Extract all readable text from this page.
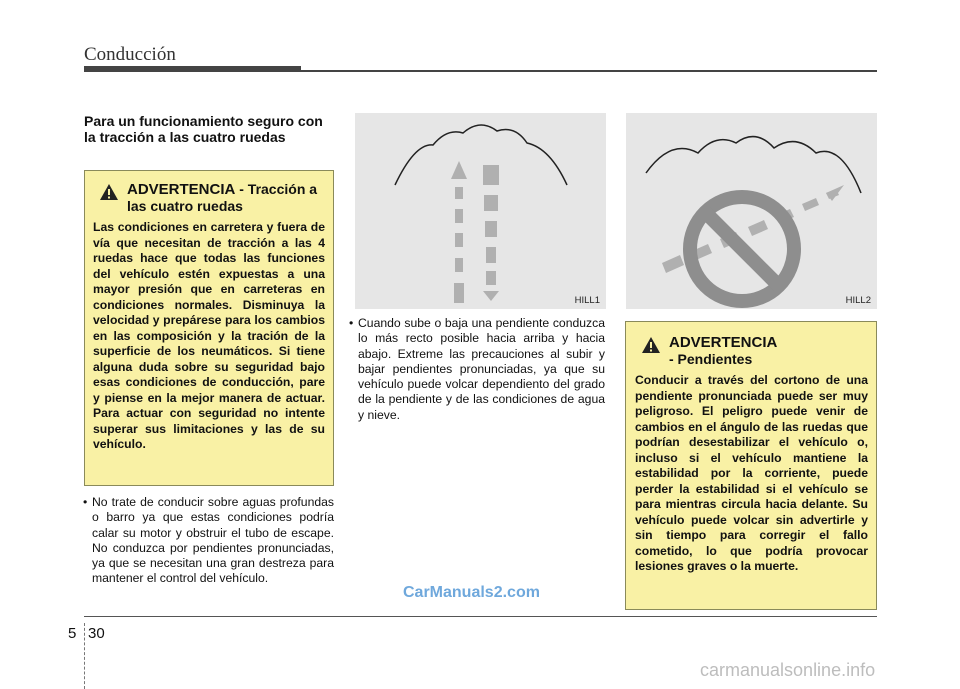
Conducción
Para un funcionamiento seguro con la tracción a las cuatro ruedas
ADVERTENCIA - Tracción a las cuatro ruedas
Las condiciones en carretera y fuera de vía que necesitan de tracción a las 4 ruedas hace que todas las funciones del vehículo estén expuestas a una mayor presión que en carreteras en condiciones normales. Disminuya la velocidad y prepárese para los cambios en las composición y la tración de la superficie de los neumáticos. Si tiene alguna duda sobre su seguridad bajo esas condiciones de conducción, pare y piense en la mejor manera de actuar. Para actuar con seguridad no intente superar sus limitaciones y las de su vehículo.
• No trate de conducir sobre aguas profundas o barro ya que estas condiciones podría calar su motor y obstruir el tubo de escape. No conduzca por pendientes pronunciadas, ya que se necesitan una gran destreza para mantener el control del vehículo.
HILL1	HILL2
• Cuando sube o baja una pendiente conduzca lo más recto posible hacia arriba y hacia abajo. Extreme las precauciones al subir y bajar pendientes pronunciadas, ya que su vehículo puede volcar dependiento del grado de la pendiente y de las condiciones de agua y nieve.
ADVERTENCIA
- Pendientes
Conducir a través del cortono de una pendiente pronunciada puede ser muy peligroso. El peligro puede venir de cambios en el ángulo de las ruedas que podrían desestabilizar el vehículo o, incluso si el vehículo mantiene la estabilidad por la corriente, puede perder la estabilidad si el vehículo se para mientras circula hacia delante. Su vehículo puede volcar sin advertirle y sin tiempo para corregir el fallo cometido, lo que podría provocar lesiones graves o la muerte.
CarManuals2.com
5 30
carmanualsonline.info
